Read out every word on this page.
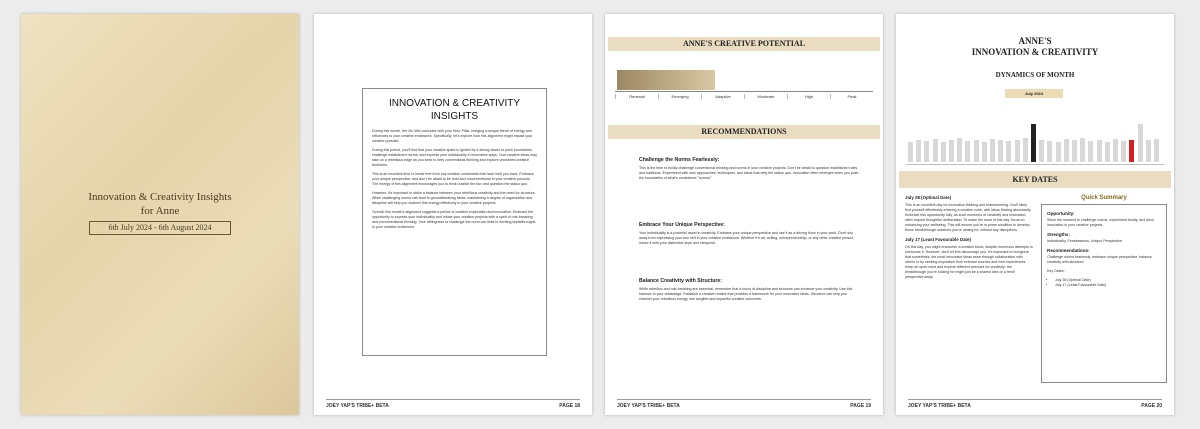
Innovation & Creativity Insights
for Anne
6th July 2024 - 6th August 2024
INNOVATION & CREATIVITY
INSIGHTS

During this month, the Xin Wei coincides with your Hour Pillar, bringing a unique blend of energy and influences to your creative endeavors. Specifically, let's explore how this alignment might impact your creative pursuits:

During this period, you'll find that your creative spark is ignited by a strong desire to push boundaries, challenge established norms, and express your individuality in innovative ways. Your creative ideas may take on a rebellious edge as you seek to defy conventional thinking and explore uncharted creative territories.

This is an excellent time to break free from any creative constraints that have held you back. Embrace your unique perspective, and don't be afraid to be bold and unconventional in your creative pursuits. The energy of this alignment encourages you to think outside the box and question the status quo.

However, it's important to strike a balance between your rebellious creativity and the need for structure. While challenging norms can lead to groundbreaking ideas, maintaining a degree of organization and discipline will help you channel this energy effectively in your creative projects.

Overall, this month's alignment suggests a period of creative exploration and innovation. Embrace the opportunity to express your individuality and infuse your creative projects with a spirit of rule-breaking and unconventional thinking. Your willingness to challenge the norm can lead to exciting breakthroughs in your creative endeavors.

JOEY YAP'S TRIBE+ BETA	PAGE 18
ANNE'S CREATIVE POTENTIAL
Renewal	Emerging	Adaptive	Moderate	High	Peak
RECOMMENDATIONS
Challenge the Norms Fearlessly:

This is the time to boldly challenge conventional thinking and norms in your creative projects. Don't be afraid to question established rules and traditions. Experiment with new approaches, techniques, and ideas that defy the status quo. Innovation often emerges when you push the boundaries of what's considered "normal."

Embrace Your Unique Perspective:

Your individuality is a powerful asset in creativity. Embrace your unique perspective and use it as a driving force in your work. Don't shy away from expressing your true self in your creative endeavors. Whether it's art, writing, entrepreneurship, or any other creative pursuit, infuse it with your distinctive style and viewpoint.

Balance Creativity with Structure:

While rebellion and rule-breaking are essential, remember that a touch of discipline and structure can enhance your creativity. Use this balance to your advantage. Establish a creative routine that provides a framework for your innovative ideas. Structure can help you channel your rebellious energy into tangible and impactful creative outcomes.

JOEY YAP'S TRIBE+ BETA	PAGE 19
ANNE'S
INNOVATION & CREATIVITY
DYNAMICS OF MONTH
July 2024
KEY DATES
July 28 (Optimal Date)

This is an excellent day for innovative thinking and brainstorming. You'll likely find yourself effortlessly entering a creative zone, with ideas flowing abundantly. Embrace this opportunity fully, as such moments of creativity and innovation often require thoughtful deliberation. To make the most of this day, focus on enhancing your wellbeing. This will ensure you're in prime condition to develop those breakthrough solutions you're aiming for, without any disruptions.

July 17 (Least Favourable Date)

On this day, you might encounter a creative block, despite numerous attempts to overcome it. However, don't let this discourage you. It's important to recognize that sometimes, the most innovative ideas arise through collaboration with others or by seeking inspiration from external sources and new experiences. Keep an open mind and explore different avenues for creativity; the breakthrough you're looking for might just be a shared idea or a fresh perspective away.

Quick Summary
Opportunity:

Seize the moment to challenge norms, experiment boldly, and drive innovation in your creative projects.

Strengths:

Individuality, Fearlessness, Unique Perspective

Recommendations:

Challenge norms fearlessly, embrace unique perspective, balance creativity with structure.

Key Dates:

• July 28 (Optimal Date)
• July 17 (Least Favourable Date)
JOEY YAP'S TRIBE+ BETA	PAGE 20
